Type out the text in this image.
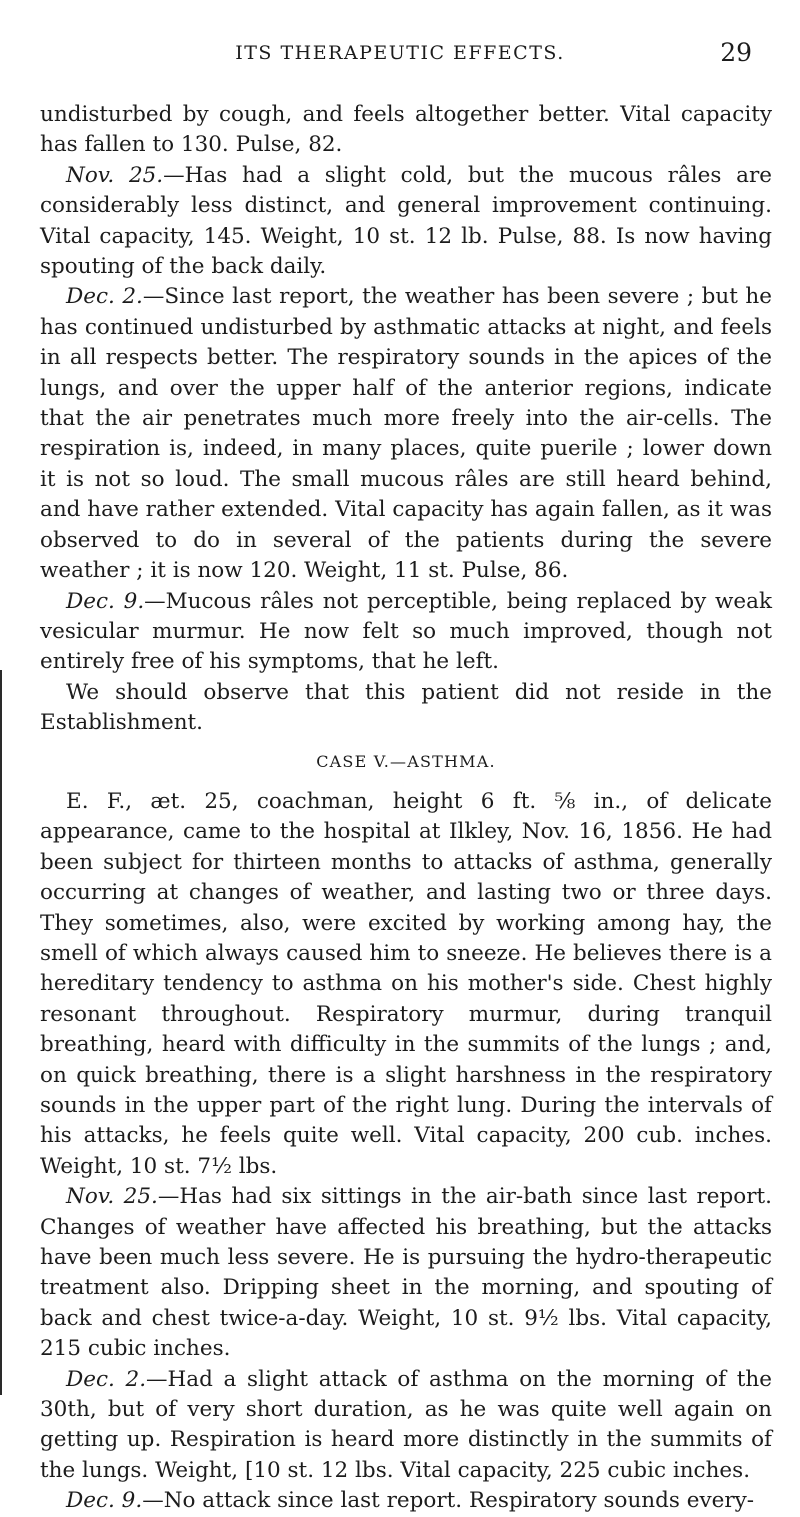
ITS THERAPEUTIC EFFECTS.	29

undisturbed by cough, and feels altogether better. Vital capacity has fallen to 130. Pulse, 82.

Nov. 25.—Has had a slight cold, but the mucous râles are considerably less distinct, and general improvement continuing. Vital capacity, 145. Weight, 10 st. 12 lb. Pulse, 88. Is now having spouting of the back daily.

Dec. 2.—Since last report, the weather has been severe ; but he has continued undisturbed by asthmatic attacks at night, and feels in all respects better. The respiratory sounds in the apices of the lungs, and over the upper half of the anterior regions, indicate that the air penetrates much more freely into the air-cells. The respiration is, indeed, in many places, quite puerile ; lower down it is not so loud. The small mucous râles are still heard behind, and have rather extended. Vital capacity has again fallen, as it was observed to do in several of the patients during the severe weather ; it is now 120. Weight, 11 st. Pulse, 86.

Dec. 9.—Mucous râles not perceptible, being replaced by weak vesicular murmur. He now felt so much improved, though not entirely free of his symptoms, that he left.

We should observe that this patient did not reside in the Establishment.

CASE V.—ASTHMA.

E. F., æt. 25, coachman, height 6 ft. ⅝ in., of delicate appearance, came to the hospital at Ilkley, Nov. 16, 1856. He had been subject for thirteen months to attacks of asthma, generally occurring at changes of weather, and lasting two or three days. They sometimes, also, were excited by working among hay, the smell of which always caused him to sneeze. He believes there is a hereditary tendency to asthma on his mother's side. Chest highly resonant throughout. Respiratory murmur, during tranquil breathing, heard with difficulty in the summits of the lungs ; and, on quick breathing, there is a slight harshness in the respiratory sounds in the upper part of the right lung. During the intervals of his attacks, he feels quite well. Vital capacity, 200 cub. inches. Weight, 10 st. 7½ lbs.

Nov. 25.—Has had six sittings in the air-bath since last report. Changes of weather have affected his breathing, but the attacks have been much less severe. He is pursuing the hydro-therapeutic treatment also. Dripping sheet in the morning, and spouting of back and chest twice-a-day. Weight, 10 st. 9½ lbs. Vital capacity, 215 cubic inches.

Dec. 2.—Had a slight attack of asthma on the morning of the 30th, but of very short duration, as he was quite well again on getting up. Respiration is heard more distinctly in the summits of the lungs. Weight, [10 st. 12 lbs. Vital capacity, 225 cubic inches.

Dec. 9.—No attack since last report. Respiratory sounds every-
